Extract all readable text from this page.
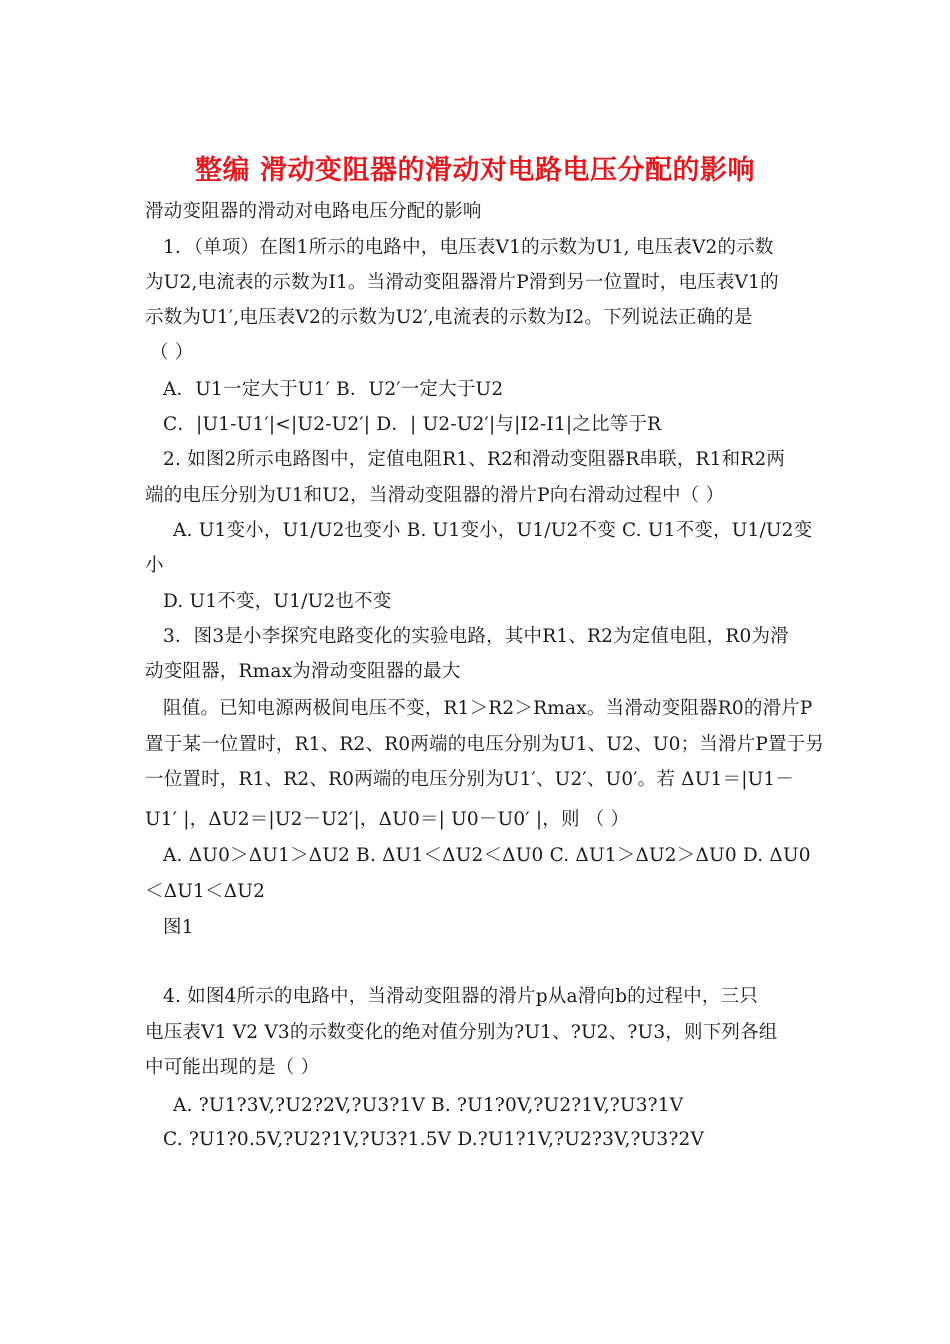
整编 滑动变阻器的滑动对电路电压分配的影响
滑动变阻器的滑动对电路电压分配的影响
1．（单项）在图1所示的电路中，电压表V1的示数为U1, 电压表V2的示数
为U2,电流表的示数为I1。当滑动变阻器滑片P滑到另一位置时，电压表V1的
示数为U1′,电压表V2的示数为U2′,电流表的示数为I2。下列说法正确的是
（ ）
A．U1一定大于U1′ B．U2′一定大于U2
C．|U1-U1′|<|U2-U2′| D．| U2-U2′|与|I2-I1|之比等于R
2. 如图2所示电路图中，定值电阻R1、R2和滑动变阻器R串联，R1和R2两
端的电压分别为U1和U2，当滑动变阻器的滑片P向右滑动过程中（ ）
A. U1变小，U1/U2也变小 B. U1变小，U1/U2不变 C. U1不变，U1/U2变
小
D. U1不变，U1/U2也不变
3．图3是小李探究电路变化的实验电路，其中R1、R2为定值电阻，R0为滑
动变阻器，Rmax为滑动变阻器的最大
阻值。已知电源两极间电压不变，R1＞R2＞Rmax。当滑动变阻器R0的滑片P
置于某一位置时，R1、R2、R0两端的电压分别为U1、U2、U0；当滑片P置于另
一位置时，R1、R2、R0两端的电压分别为U1′、U2′、U0′。若 ΔU1＝|U1－
U1′ |，ΔU2＝|U2－U2′|，ΔU0＝| U0－U0′ |，则 （ ）
A. ΔU0＞ΔU1＞ΔU2 B. ΔU1＜ΔU2＜ΔU0 C. ΔU1＞ΔU2＞ΔU0 D. ΔU0
＜ΔU1＜ΔU2
图1
4. 如图4所示的电路中，当滑动变阻器的滑片p从a滑向b的过程中，三只
电压表V1 V2 V3的示数变化的绝对值分别为?U1、?U2、?U3，则下列各组
中可能出现的是（ ）
A. ?U1?3V,?U2?2V,?U3?1V B. ?U1?0V,?U2?1V,?U3?1V
C. ?U1?0.5V,?U2?1V,?U3?1.5V D.?U1?1V,?U2?3V,?U3?2V
